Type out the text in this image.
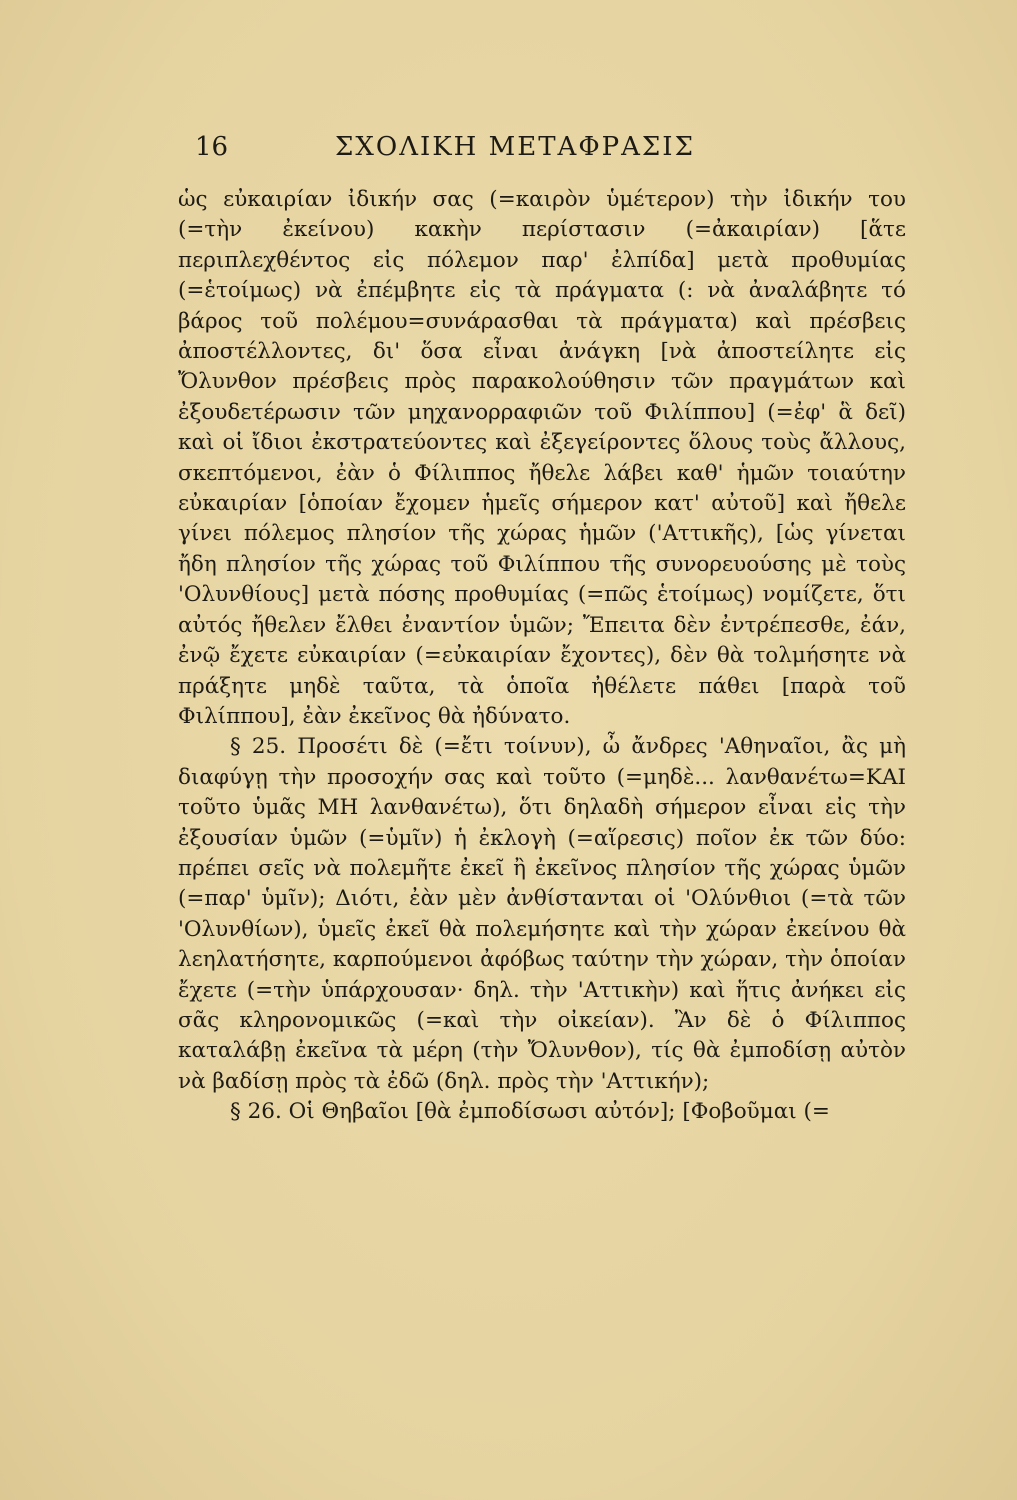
16	ΣΧΟΛΙΚΗ ΜΕΤΑΦΡΑΣΙΣ

ὡς εὐκαιρίαν ἰδικήν σας (=καιρὸν ὑμέτερον) τὴν ἰδικήν του (=τὴν ἐκείνου) κακὴν περίστασιν (=ἀκαιρίαν) [ἅτε περιπλεχθέντος εἰς πόλεμον παρ' ἐλπίδα] μετὰ προθυμίας (=ἑτοίμως) νὰ ἐπέμβητε εἰς τὰ πράγματα (: νὰ ἀναλάβητε τό βάρος τοῦ πολέμου=συνάρασθαι τὰ πράγματα) καὶ πρέσβεις ἀποστέλλοντες, δι' ὅσα εἶναι ἀνάγκη [νὰ ἀποστείλητε εἰς Ὄλυνθον πρέσβεις πρὸς παρακολούθησιν τῶν πραγμάτων καὶ ἐξουδετέρωσιν τῶν μηχανορραφιῶν τοῦ Φιλίππου] (=ἐφ' ἃ δεῖ) καὶ οἱ ἴδιοι ἐκστρατεύοντες καὶ ἐξεγείροντες ὅλους τοὺς ἄλλους, σκεπτόμενοι, ἐὰν ὁ Φίλιππος ἤθελε λάβει καθ' ἡμῶν τοιαύτην εὐκαιρίαν [ὁποίαν ἔχομεν ἡμεῖς σήμερον κατ' αὐτοῦ] καὶ ἤθελε γίνει πόλεμος πλησίον τῆς χώρας ἡμῶν ('Αττικῆς), [ὡς γίνεται ἤδη πλησίον τῆς χώρας τοῦ Φιλίππου τῆς συνορευούσης μὲ τοὺς 'Ολυνθίους] μετὰ πόσης προθυμίας (=πῶς ἑτοίμως) νομίζετε, ὅτι αὐτός ἤθελεν ἔλθει ἐναντίον ὑμῶν; Ἔπειτα δὲν ἐντρέπεσθε, ἐάν, ἐνῷ ἔχετε εὐκαιρίαν (=εὐκαιρίαν ἔχοντες), δὲν θὰ τολμήσητε νὰ πράξητε μηδὲ ταῦτα, τὰ ὁποῖα ἠθέλετε πάθει [παρὰ τοῦ Φιλίππου], ἐὰν ἐκεῖνος θὰ ἠδύνατο.

§ 25. Προσέτι δὲ (=ἔτι τοίνυν), ὦ ἄνδρες 'Αθηναῖοι, ἂς μὴ διαφύγῃ τὴν προσοχήν σας καὶ τοῦτο (=μηδὲ... λανθανέτω=ΚΑΙ τοῦτο ὑμᾶς ΜΗ λανθανέτω), ὅτι δηλαδὴ σήμερον εἶναι εἰς τὴν ἐξουσίαν ὑμῶν (=ὑμῖν) ἡ ἐκλογὴ (=αἵρεσις) ποῖον ἐκ τῶν δύο: πρέπει σεῖς νὰ πολεμῆτε ἐκεῖ ἢ ἐκεῖνος πλησίον τῆς χώρας ὑμῶν (=παρ' ὑμῖν); Διότι, ἐὰν μὲν ἀνθίστανται οἱ 'Ολύνθιοι (=τὰ τῶν 'Ολυνθίων), ὑμεῖς ἐκεῖ θὰ πολεμήσητε καὶ τὴν χώραν ἐκείνου θὰ λεηλατήσητε, καρπούμενοι ἀφόβως ταύτην τὴν χώραν, τὴν ὁποίαν ἔχετε (=τὴν ὑπάρχουσαν· δηλ. τὴν 'Αττικὴν) καὶ ἥτις ἀνήκει εἰς σᾶς κληρονομικῶς (=καὶ τὴν οἰκείαν). Ἂν δὲ ὁ Φίλιππος καταλάβῃ ἐκεῖνα τὰ μέρη (τὴν Ὄλυνθον), τίς θὰ ἐμποδίσῃ αὐτὸν νὰ βαδίσῃ πρὸς τὰ ἐδῶ (δηλ. πρὸς τὴν 'Αττικήν);

§ 26. Οἱ Θηβαῖοι [θὰ ἐμποδίσωσι αὐτόν]; [Φοβοῦμαι (=
